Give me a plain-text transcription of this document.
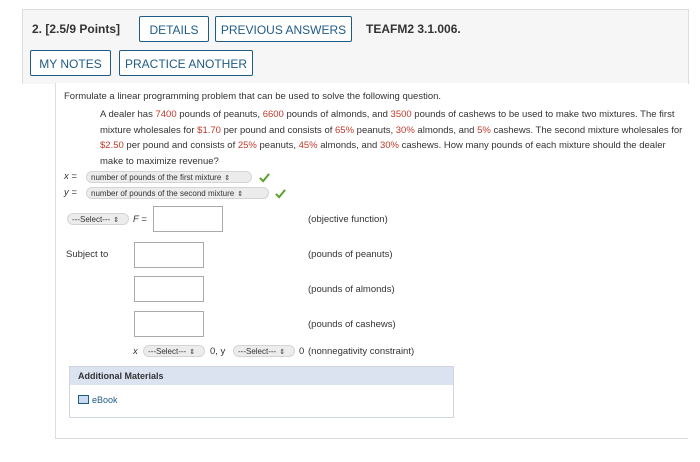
2. [2.5/9 Points]	DETAILS	PREVIOUS ANSWERS	TEAFM2 3.1.006.
MY NOTES	PRACTICE ANOTHER
Formulate a linear programming problem that can be used to solve the following question.
A dealer has 7400 pounds of peanuts, 6600 pounds of almonds, and 3500 pounds of cashews to be used to make two mixtures. The first mixture wholesales for $1.70 per pound and consists of 65% peanuts, 30% almonds, and 5% cashews. The second mixture wholesales for $2.50 per pound and consists of 25% peanuts, 45% almonds, and 30% cashews. How many pounds of each mixture should the dealer make to maximize revenue?
x =	number of pounds of the first mixture ⇕
y =	number of pounds of the second mixture ⇕
---Select--- ⇕	F =	(objective function)
Subject to	(pounds of peanuts)
(pounds of almonds)
(pounds of cashews)
x	---Select--- ⇕	0, y	---Select--- ⇕	0 (nonnegativity constraint)
Additional Materials
eBook
